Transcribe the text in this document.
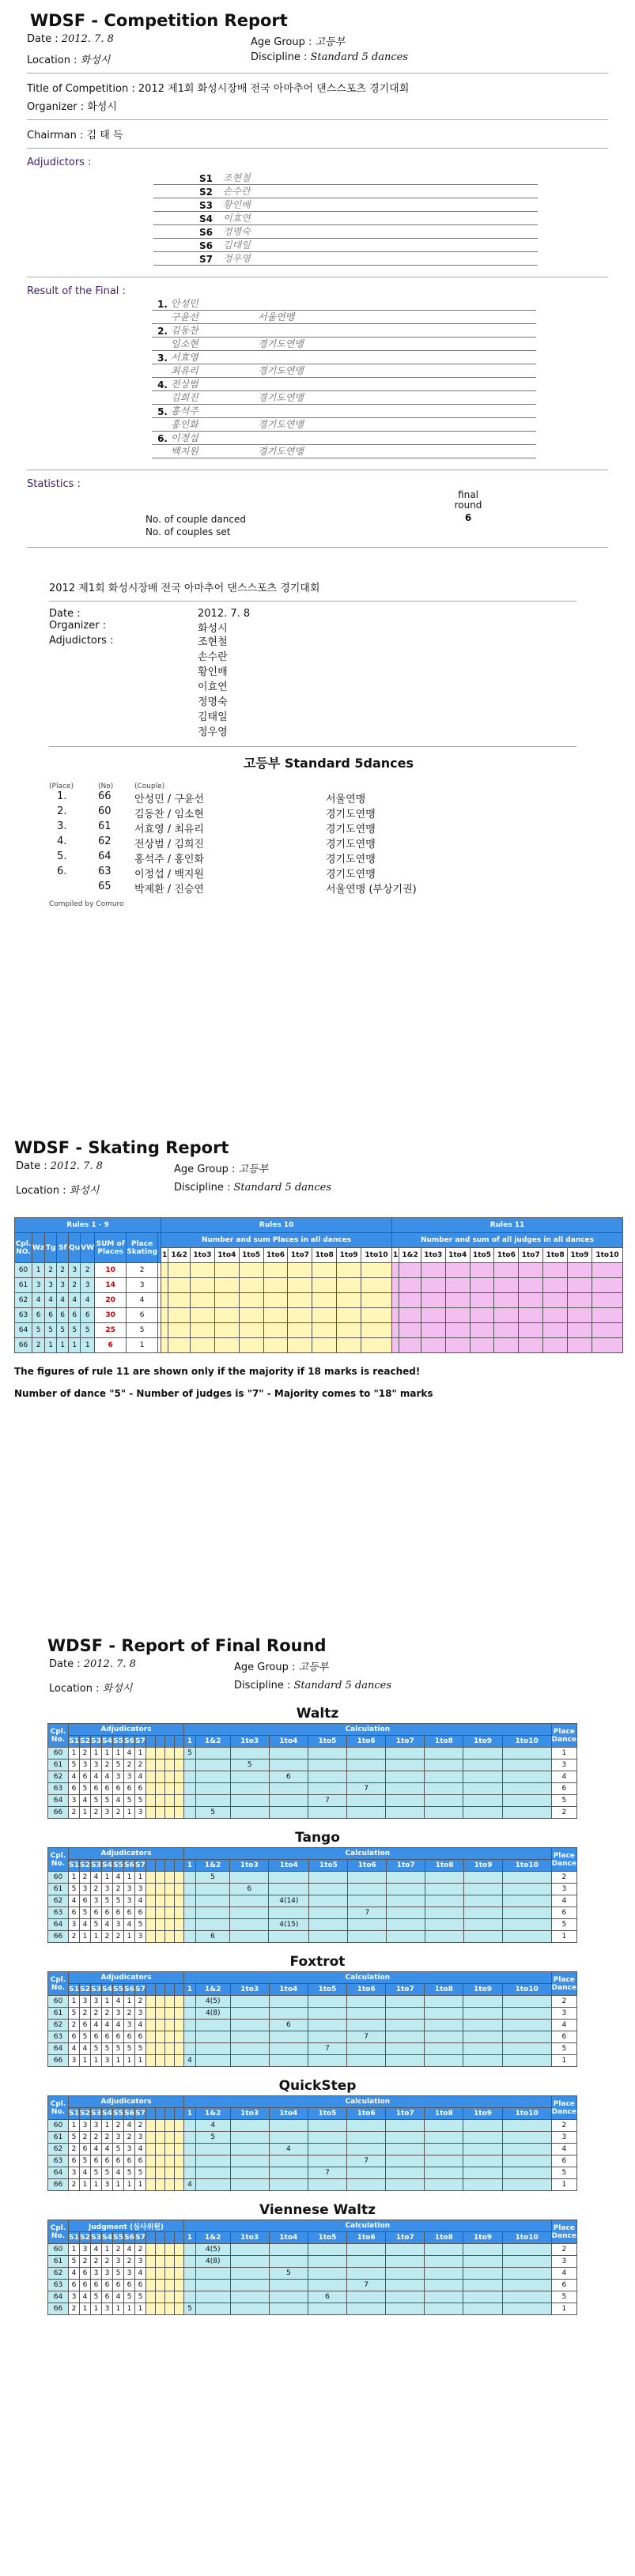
WDSF - Competition Report
Date : 2012. 7. 8	Age Group : 고등부
Location : 화성시	Discipline : Standard 5 dances
Title of Competition : 2012 제1회 화성시장배 전국 아마추어 댄스스포츠 경기대회
Organizer : 화성시
Chairman : 김 태 득
Adjudictors :
S1	조현철
S2	손수란
S3	황인배
S4	이효연
S6	정명숙
S6	김태일
S7	정우영
Result of the Final :
1. 안성민
구윤선	서울연맹
2. 김동찬
임소현	경기도연맹
3. 서효영
최유리	경기도연맹
4. 전상범
김희진	경기도연맹
5. 홍석주
홍인화	경기도연맹
6. 이정섭
백지원	경기도연맹
Statistics :
final round
6
No. of couple danced
No. of couples set
2012 제1회 화성시장배 전국 아마추어 댄스스포츠 경기대회
Date :	2012. 7. 8
Organizer :	화성시
Adjudictors :	조현철
손수란
황인배
이효연
정명숙
김태일
정우영
고등부 Standard 5dances
(Place)	(No)	(Couple)
1.	66	안성민 / 구윤선	서울연맹
2.	60	김동찬 / 임소현	경기도연맹
3.	61	서효영 / 최유리	경기도연맹
4.	62	전상범 / 김희진	경기도연맹
5.	64	홍석주 / 홍인화	경기도연맹
6.	63	이정섭 / 백지원	경기도연맹
65	박제환 / 진승연	서울연맹 (부상기권)
Compiled by Comuro
WDSF - Skating Report
Date : 2012. 7. 8	Age Group : 고등부
Location : 화성시	Discipline : Standard 5 dances
Rules 1 - 9									Rules 10										Rules 11									
Cpl. NO.	Wz	Tg	Sf	Qu	VW	SUM of Places	Place Skating		Number and sum Places in all dances										Number and sum of all judges in all dances									
									1	1&2	1to3	1to4	1to5	1to6	1to7	1to8	1to9	1to10	1	1&2	1to3	1to4	1to5	1to6	1to7	1to8	1to9	1to10
60	1	2	2	3	2	10	2																					
61	3	3	3	2	3	14	3																					
62	4	4	4	4	4	20	4																					
63	6	6	6	6	6	30	6																					
64	5	5	5	5	5	25	5																					
66	2	1	1	1	1	6	1																					
The figures of rule 11 are shown only if the majority if 18 marks is reached!
Number of dance "5" - Number of judges is "7" - Majority comes to "18" marks
WDSF - Report of Final Round
Date : 2012. 7. 8	Age Group : 고등부
Location : 화성시	Discipline : Standard 5 dances
Waltz
Cpl. No.	Adjudicators											Calculation										Place Dance
	S1	S2	S3	S4	S5	S6	S7					1	1&2	1to3	1to4	1to5	1to6	1to7	1to8	1to9	1to10	
60	1	2	1	1	1	4	1					5										1
61	5	3	3	2	5	2	2							5								3
62	4	6	4	4	3	3	4								6							4
63	6	5	6	6	6	6	6										7					6
64	3	4	5	5	4	5	5									7						5
66	2	1	2	3	2	1	3						5									2
Tango
Cpl. No.	Adjudicators											Calculation										Place Dance
	S1	S2	S3	S4	S5	S6	S7					1	1&2	1to3	1to4	1to5	1to6	1to7	1to8	1to9	1to10	
60	1	2	4	1	4	1	1						5									2
61	5	3	2	3	2	3	3							6								3
62	4	6	3	5	5	3	4								4(14)							4
63	6	5	6	6	6	6	6										7					6
64	3	4	5	4	3	4	5								4(15)							5
66	2	1	1	2	2	1	3						6									1
Foxtrot
Cpl. No.	Adjudicators											Calculation										Place Dance
	S1	S2	S3	S4	S5	S6	S7					1	1&2	1to3	1to4	1to5	1to6	1to7	1to8	1to9	1to10	
60	1	3	3	1	4	1	2						4(5)									2
61	5	2	2	2	3	2	3						4(8)									3
62	2	6	4	4	4	3	4								6							4
63	6	5	6	6	6	6	6										7					6
64	4	4	5	5	5	5	5									7						5
66	3	1	1	3	1	1	1					4										1
QuickStep
Cpl. No.	Adjudicators											Calculation										Place Dance
	S1	S2	S3	S4	S5	S6	S7					1	1&2	1to3	1to4	1to5	1to6	1to7	1to8	1to9	1to10	
60	1	3	3	1	2	4	2						4									2
61	5	2	2	2	3	2	3						5									3
62	2	6	4	4	5	3	4								4							4
63	6	5	6	6	6	6	6										7					6
64	3	4	5	5	4	5	5									7						5
66	2	1	1	3	1	1	1					4										1
Viennese Waltz
Cpl. No.	Judgment (심사위원)											Calculation										Place Dance
	S1	S2	S3	S4	S5	S6	S7					1	1&2	1to3	1to4	1to5	1to6	1to7	1to8	1to9	1to10	
60	1	3	4	1	2	4	2						4(5)									2
61	5	2	2	2	3	2	3						4(8)									3
62	4	6	3	3	5	3	4								5							4
63	6	6	6	6	6	6	6										7					6
64	3	4	5	6	4	5	5									6						5
66	2	1	1	3	1	1	1					5										1
